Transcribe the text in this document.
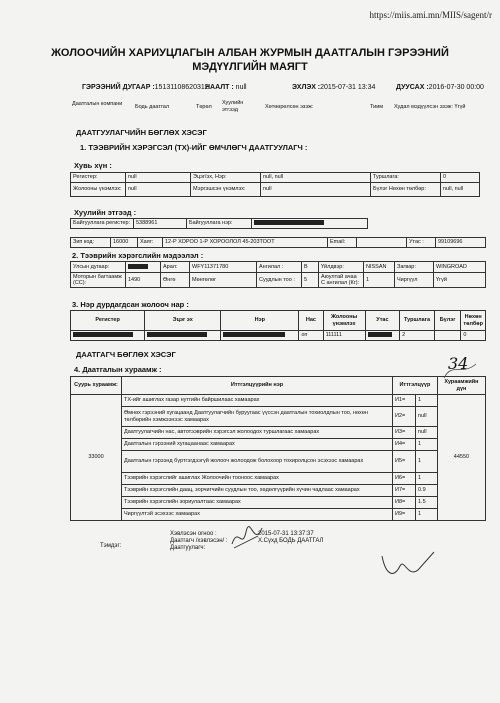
https://miis.ami.mn/MIIS/sagent/r
ЖОЛООЧИЙН ХАРИУЦЛАГЫН АЛБАН ЖУРМЫН ДААТГАЛЫН ГЭРЭЭНИЙ
МЭДҮҮЛГИЙН МАЯГТ
ГЭРЭЭНИЙ ДУГААР :15131108620312
НААЛТ : null	ЭХЛЭХ :2015-07-31 13:34	ДУУСАХ :2016-07-30 00:00
Даатгалын компани Бодь даатгал	Төрөл
Хуулийн этгээд	Хөтөөрөлсөн эзэж:	Тиим Худал мэдүүлсэн эзэж: Үгүй
ДААТГУУЛАГЧИЙН БӨГЛӨХ ХЭСЭГ
1. ТЭЭВРИЙН ХЭРЭГСЭЛ (ТХ)-ИЙГ ӨМЧЛӨГЧ ДААТГУУЛАГЧ :
Хувь хүн :
Регистер:	null	Эцэг/эх, Нэр:	null, null	Туршлага:	0
Жолооны үнэмлэх:	null	Мэргэшсэн үнэмлэх:	null	Бүлэг Нөхөн төлбөр:	null, null
Хуулийн этгээд :
Байгууллага регистер:	5388961	Байгууллага нэр:	
Зип код:	16000	Хаяг:	12-Р ХОРОО 1-Р ХОРООЛОЛ 45-203ТООТ	Email:		Утас :	99109696
2. Тээврийн хэрэгслийн мэдээлэл :
Улсын дугаар:		Арал:	WFY11371780	Ангилал :	B	Үйлдвэр:	NISSAN	Загвар:	WINGROAD
Моторын багтаамж (CC):	1490	Өнгө	Мөнгөлөг	Суудлын тоо :	5	Аюултай ачаа С ангилал (Кг):	1	Чиргүүл	Үгүй
3. Нэр дурдагдсан жолооч нар :
Регистер	Эцэг эх	Нэр	Нас	Жолооны үнэмлэх	Утас	Туршлага	Бүлэг	Нөхөн төлбөр
			оп	111111		2		0
ДААТГАГЧ БӨГЛӨХ ХЭСЭГ	34
4. Даатгалын хураамж :
Суурь хураамж:	Иттгэлцүүрийн нэр	Иттгэлцүүр		Хураамжийн дүн
33000	ТХ-ийг ашиглах газар нутгийн байршилаас хамаарах	И1=	1	44550
	Өмнөх гэрээний хугацаанд Даатгуулагчийн буруугаас үүссэн даатгалын тохиолдлын тоо, нөхөн төлбөрийн хэмжээнээс хамаарах	И2=	null	
	Даатгуулагчийн нас, автотээврийн хэрэгсэл жолоодох туршлагаас хамаарах	И3=	null	
	Даатгалын гэрээний хугацаанаас хамаарах	И4=	1	
	Даатгалын гэрээнд бүртгэгдээгүй жолооч жолоодож болохоор тохиролцсон эсэхээс хамаарах	И5=	1	
	Тээврийн хэрэгслийг ашиглах Жолоочийн тооноос хамаарах	И6=	1	
	Тээврийн хэрэгслийн даац, зорчигчийн суудлын тоо, хөдөлгүүрийн хүчин чадлаас хамаарах	И7=	0.9	
	Тээврийн хэрэгслийн зориулалтаас хамаарах	И8=	1.5	
	Чиргүүлтэй эсэхээс хамаарах	И9=	1	
Тэмдэг:
Хэвлэсэн огноо :	2015-07-31 13:37:37
Даатгагч /хэвлэсэн/ :	Х.Сүхд БОДЬ ДААТГАЛ
Даатгуулагч:
